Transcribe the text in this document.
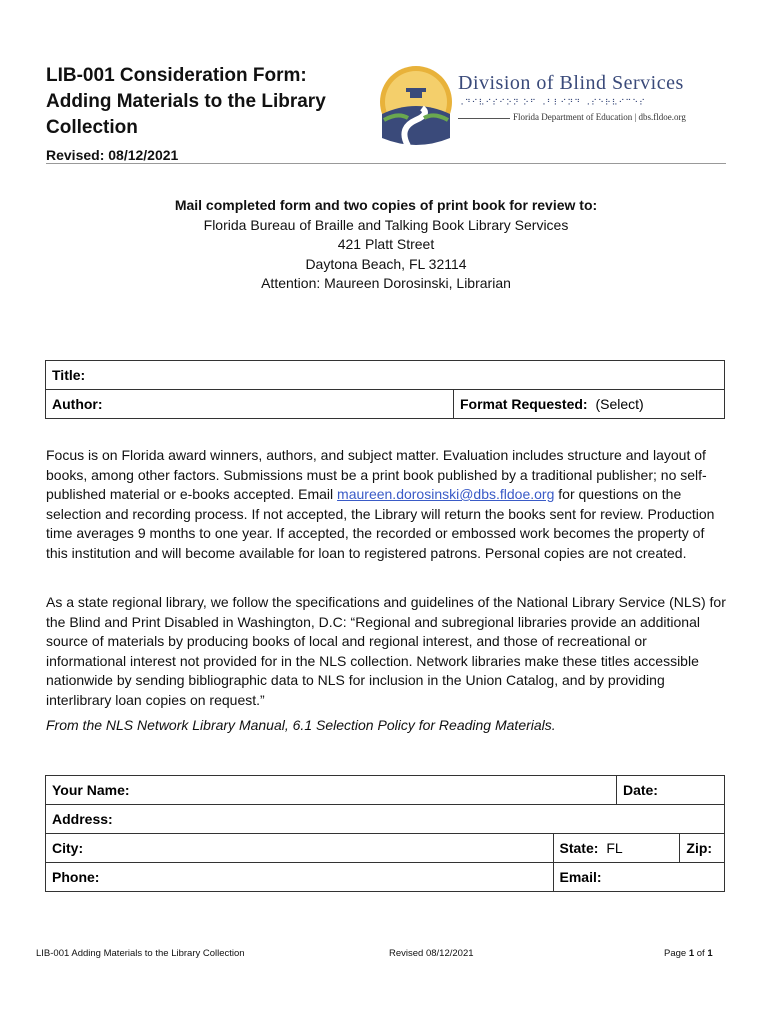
LIB-001 Consideration Form: Adding Materials to the Library Collection
Revised: 08/12/2021
Division of Blind Services
⠠⠙⠊⠧⠊⠎⠊⠕⠝ ⠕⠋ ⠠⠃⠇⠊⠝⠙ ⠠⠎⠑⠗⠧⠊⠉⠑⠎
Florida Department of Education | dbs.fldoe.org
Mail completed form and two copies of print book for review to:
Florida Bureau of Braille and Talking Book Library Services
421 Platt Street
Daytona Beach, FL 32114
Attention: Maureen Dorosinski, Librarian
Title:
Author:	Format Requested: (Select)
Focus is on Florida award winners, authors, and subject matter. Evaluation includes structure and layout of books, among other factors. Submissions must be a print book published by a traditional publisher; no self-published material or e-books accepted. Email maureen.dorosinski@dbs.fldoe.org for questions on the selection and recording process. If not accepted, the Library will return the books sent for review. Production time averages 9 months to one year. If accepted, the recorded or embossed work becomes the property of this institution and will become available for loan to registered patrons. Personal copies are not created.
As a state regional library, we follow the specifications and guidelines of the National Library Service (NLS) for the Blind and Print Disabled in Washington, D.C: “Regional and subregional libraries provide an additional source of materials by producing books of local and regional interest, and those of recreational or informational interest not provided for in the NLS collection. Network libraries make these titles accessible nationwide by sending bibliographic data to NLS for inclusion in the Union Catalog, and by providing interlibrary loan copies on request.”
From the NLS Network Library Manual, 6.1 Selection Policy for Reading Materials.
Your Name:		Date:	
Address:			
City:	State: FL		Zip:
Phone:	Email:		
LIB-001 Adding Materials to the Library Collection	Revised 08/12/2021	Page 1 of 1
